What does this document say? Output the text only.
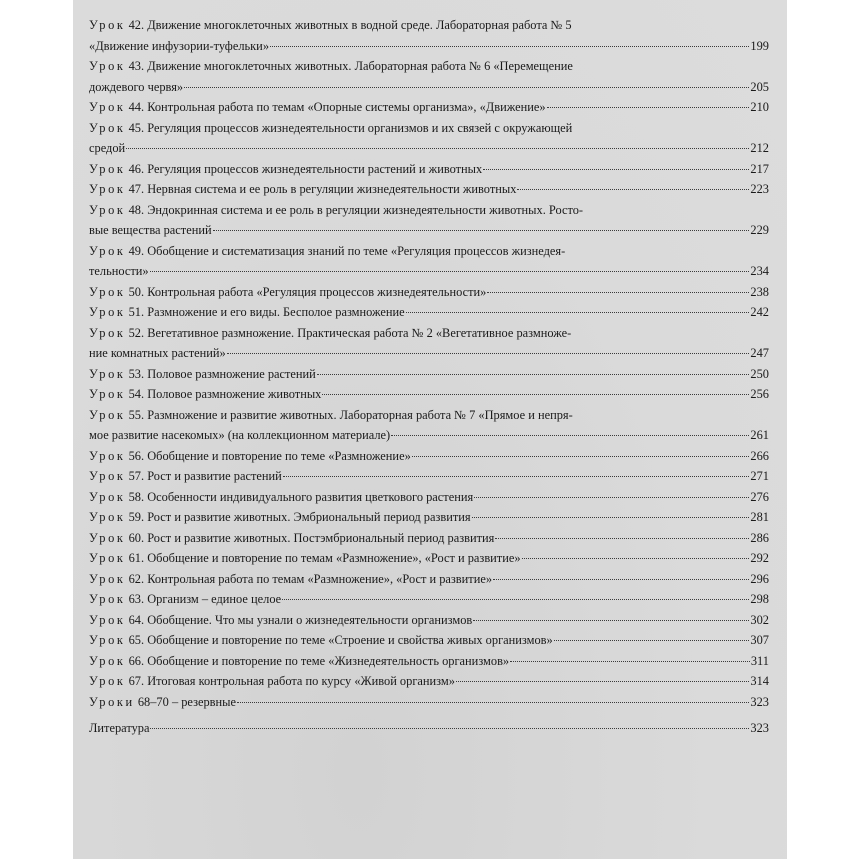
Урок 42. Движение многоклеточных животных в водной среде. Лабораторная работа № 5
«Движение инфузории-туфельки»	199
Урок 43. Движение многоклеточных животных. Лабораторная работа № 6 «Перемещение
дождевого червя»	205
Урок 44. Контрольная работа по темам «Опорные системы организма», «Движение»	210
Урок 45. Регуляция процессов жизнедеятельности организмов и их связей с окружающей
средой	212
Урок 46. Регуляция процессов жизнедеятельности растений и животных	217
Урок 47. Нервная система и ее роль в регуляции жизнедеятельности животных	223
Урок 48. Эндокринная система и ее роль в регуляции жизнедеятельности животных. Росто-
вые вещества растений	229
Урок 49. Обобщение и систематизация знаний по теме «Регуляция процессов жизнедея-
тельности»	234
Урок 50. Контрольная работа «Регуляция процессов жизнедеятельности»	238
Урок 51. Размножение и его виды. Бесполое размножение	242
Урок 52. Вегетативное размножение. Практическая работа № 2 «Вегетативное размноже-
ние комнатных растений»	247
Урок 53. Половое размножение растений	250
Урок 54. Половое размножение животных	256
Урок 55. Размножение и развитие животных. Лабораторная работа № 7 «Прямое и непря-
мое развитие насекомых» (на коллекционном материале)	261
Урок 56. Обобщение и повторение по теме «Размножение»	266
Урок 57. Рост и развитие растений	271
Урок 58. Особенности индивидуального развития цветкового растения	276
Урок 59. Рост и развитие животных. Эмбриональный период развития	281
Урок 60. Рост и развитие животных. Постэмбриональный период развития	286
Урок 61. Обобщение и повторение по темам «Размножение», «Рост и развитие»	292
Урок 62. Контрольная работа по темам «Размножение», «Рост и развитие»	296
Урок 63. Организм – единое целое	298
Урок 64. Обобщение. Что мы узнали о жизнедеятельности организмов	302
Урок 65. Обобщение и повторение по теме «Строение и свойства живых организмов»	307
Урок 66. Обобщение и повторение по теме «Жизнедеятельность организмов»	311
Урок 67. Итоговая контрольная работа по курсу «Живой организм»	314
Уроки 68–70 – резервные	323
Литература	323
